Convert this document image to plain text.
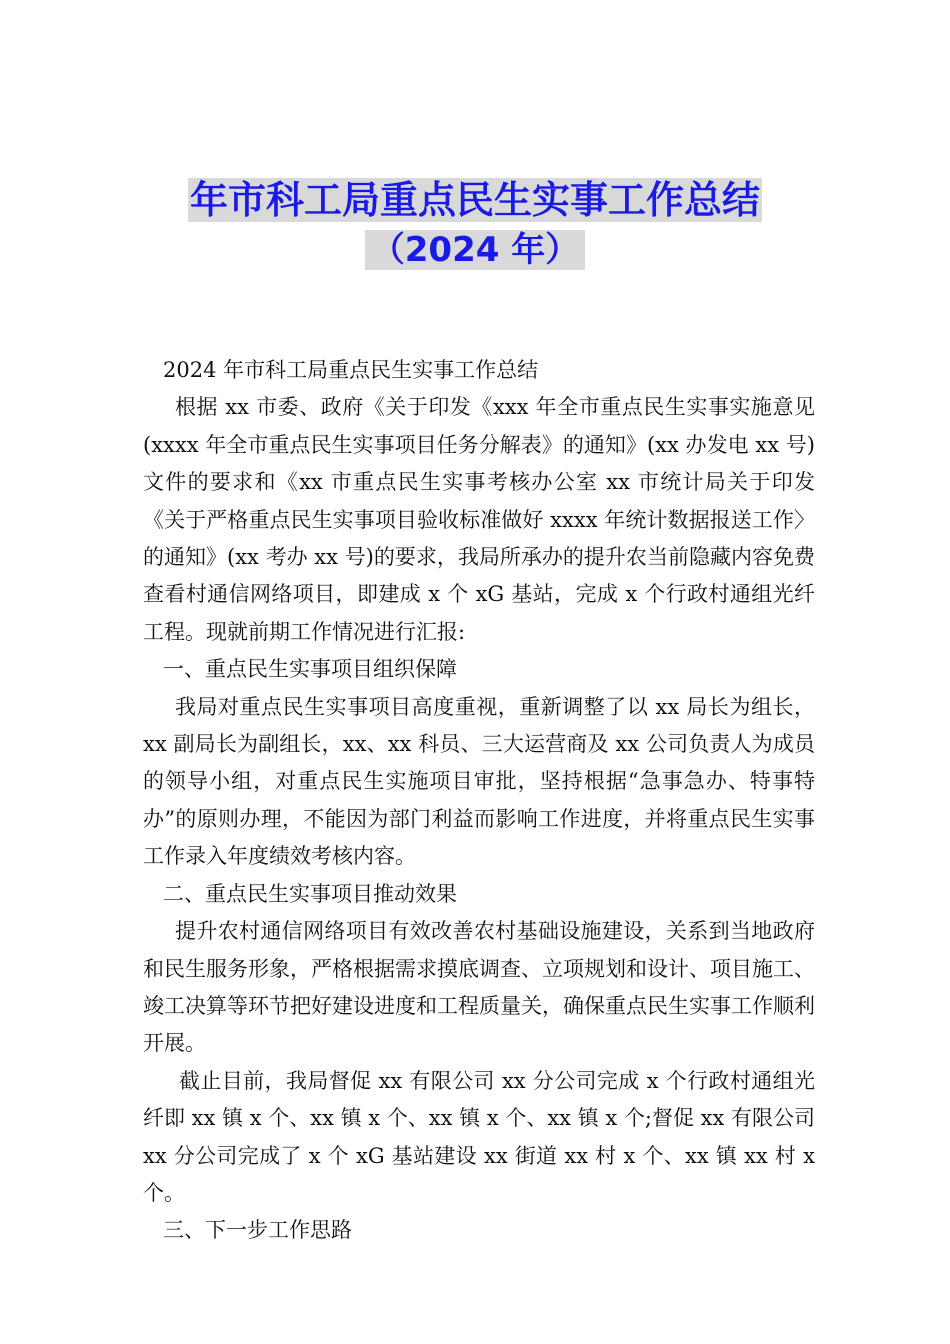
年市科工局重点民生实事工作总结
（2024 年）

2024 年市科工局重点民生实事工作总结

根据 xx 市委、政府《关于印发《xxx 年全市重点民生实事实施意见(xxxx 年全市重点民生实事项目任务分解表》的通知》(xx 办发电 xx 号)文件的要求和《xx 市重点民生实事考核办公室 xx 市统计局关于印发《关于严格重点民生实事项目验收标准做好 xxxx 年统计数据报送工作〉的通知》(xx 考办 xx 号)的要求，我局所承办的提升农当前隐藏内容免费查看村通信网络项目，即建成 x 个 xG 基站，完成 x 个行政村通组光纤工程。现就前期工作情况进行汇报:

一、重点民生实事项目组织保障

我局对重点民生实事项目高度重视，重新调整了以 xx 局长为组长，xx 副局长为副组长，xx、xx 科员、三大运营商及 xx 公司负责人为成员的领导小组，对重点民生实施项目审批，坚持根据“急事急办、特事特办”的原则办理，不能因为部门利益而影响工作进度，并将重点民生实事工作录入年度绩效考核内容。

二、重点民生实事项目推动效果

提升农村通信网络项目有效改善农村基础设施建设，关系到当地政府和民生服务形象，严格根据需求摸底调查、立项规划和设计、项目施工、竣工决算等环节把好建设进度和工程质量关，确保重点民生实事工作顺利开展。

截止目前，我局督促 xx 有限公司 xx 分公司完成 x 个行政村通组光纤即 xx 镇 x 个、xx 镇 x 个、xx 镇 x 个、xx 镇 x 个;督促 xx 有限公司 xx 分公司完成了 x 个 xG 基站建设 xx 街道 xx 村 x 个、xx 镇 xx 村 x 个。

三、下一步工作思路
